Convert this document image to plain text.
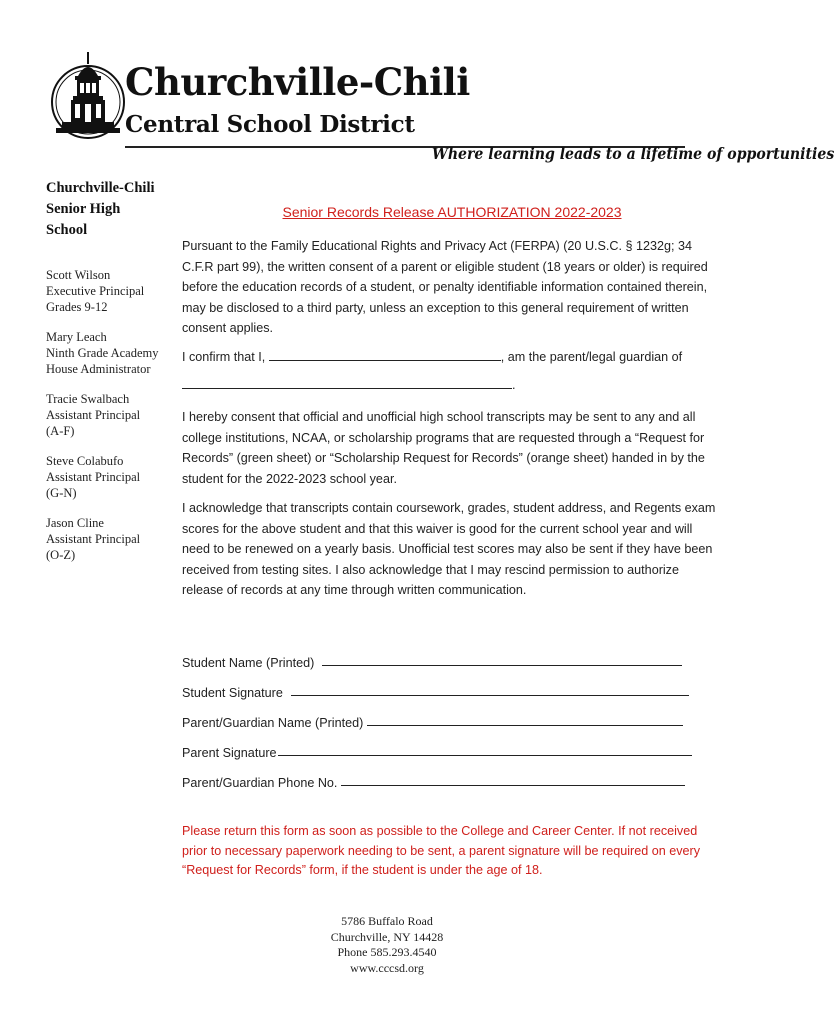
Churchville-Chili
Central School District
Where learning leads to a lifetime of opportunities
Churchville-Chili
Senior High
School
Scott Wilson
Executive Principal
Grades 9-12
Mary Leach
Ninth Grade Academy
House Administrator
Tracie Swalbach
Assistant Principal
(A-F)
Steve Colabufo
Assistant Principal
(G-N)
Jason Cline
Assistant Principal
(O-Z)
Senior Records Release AUTHORIZATION 2022-2023
Pursuant to the Family Educational Rights and Privacy Act (FERPA) (20 U.S.C. § 1232g; 34 C.F.R part 99), the written consent of a parent or eligible student (18 years or older) is required before the education records of a student, or penalty identifiable information contained therein, may be disclosed to a third party, unless an exception to this general requirement of written consent applies.
I confirm that I,	, am the parent/legal guardian of
.
I hereby consent that official and unofficial high school transcripts may be sent to any and all college institutions, NCAA, or scholarship programs that are requested through a “Request for Records” (green sheet) or “Scholarship Request for Records” (orange sheet) handed in by the student for the 2022-2023 school year.
I acknowledge that transcripts contain coursework, grades, student address, and Regents exam scores for the above student and that this waiver is good for the current school year and will need to be renewed on a yearly basis. Unofficial test scores may also be sent if they have been received from testing sites. I also acknowledge that I may rescind permission to authorize release of records at any time through written communication.
Student Name (Printed)
Student Signature
Parent/Guardian Name (Printed)
Parent Signature
Parent/Guardian Phone No.
Please return this form as soon as possible to the College and Career Center. If not received prior to necessary paperwork needing to be sent, a parent signature will be required on every “Request for Records” form, if the student is under the age of 18.
5786 Buffalo Road
Churchville, NY 14428
Phone 585.293.4540
www.cccsd.org
